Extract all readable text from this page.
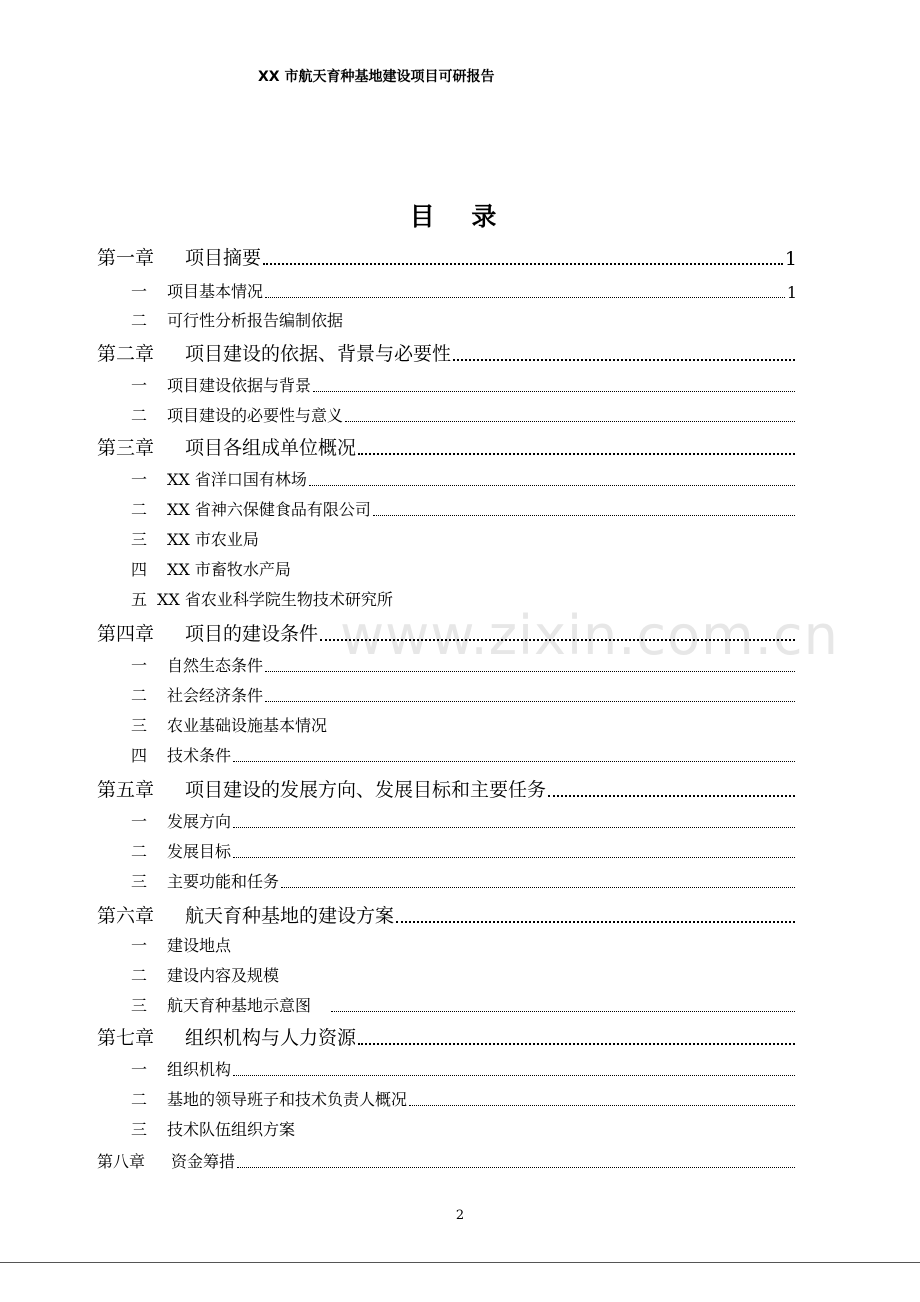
XX 市航天育种基地建设项目可研报告
目 录
www.zixin.com.cn
第一章	项目摘要	1
一	项目基本情况	1
二	可行性分析报告编制依据
第二章	项目建设的依据、背景与必要性
一	项目建设依据与背景
二	项目建设的必要性与意义
第三章	项目各组成单位概况
一	XX 省洋口国有林场
二	XX 省神六保健食品有限公司
三	XX 市农业局
四	XX 市畜牧水产局
五 XX 省农业科学院生物技术研究所
第四章	项目的建设条件
一	自然生态条件
二	社会经济条件
三	农业基础设施基本情况
四	技术条件
第五章	项目建设的发展方向、发展目标和主要任务
一	发展方向
二	发展目标
三	主要功能和任务
第六章	航天育种基地的建设方案
一	建设地点
二	建设内容及规模
三	航天育种基地示意图
第七章	组织机构与人力资源
一	组织机构
二	基地的领导班子和技术负责人概况
三	技术队伍组织方案
第八章	资金筹措
2
